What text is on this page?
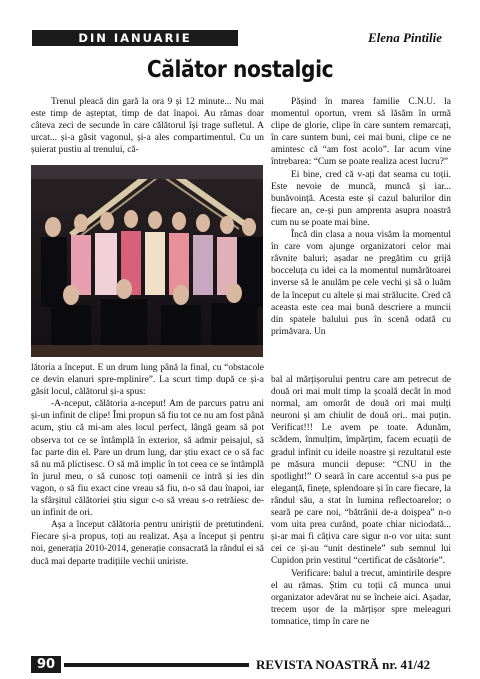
DIN IANUARIE	Elena Pintilie
Călător nostalgic

Trenul pleacă din gară la ora 9 și 12 minute... Nu mai este timp de așteptat, timp de dat înapoi. Au rămas doar câteva zeci de secunde în care călătorul își trage sufletul. A urcat... și-a găsit vagonul, și-a ales compartimentul. Cu un șuierat pustiu al trenului, că-

Pășind în marea familie C.N.U. la momentul oportun, vrem să lăsăm în urmă clipe de glorie, clipe în care suntem remarcați, în care suntem buni, cei mai buni, clipe ce ne amintesc că “am fost acolo”. Iar acum vine întrebarea: “Cum se poate realiza acest lucru?”

Ei bine, cred că v-ați dat seama cu toții. Este nevoie de muncă, muncă și iar... bunăvoință. Acesta este și cazul balurilor din fiecare an, ce-și pun amprenta asupra noastră cum nu se poate mai bine.

Încă din clasa a noua visăm la momentul în care vom ajunge organizatori celor mai râvnite baluri; așadar ne pregătim cu grijă bocceluța cu idei ca la momentul numărătoarei inverse să le anulăm pe cele vechi și să o luăm de la început cu altele și mai strălucite. Cred că aceasta este cea mai bună descriere a muncii din spatele balului pus în scenă odată cu primăvara. Un

lătoria a început. E un drum lung până la final, cu “obstacole ce devin elanuri spre-mplinire”. La scurt timp după ce și-a găsit locul, călătorul și-a spus:

-A-nceput, călătoria a-nceput! Am de parcurs patru ani și-un infinit de clipe! Îmi propun să fiu tot ce nu am fost până acum, știu că mi-am ales locul perfect, lângă geam să pot observa tot ce se întâmplă în exterior, să admir peisajul, să fac parte din el. Pare un drum lung, dar știu exact ce o să fac să nu mă plictisesc. O să mă implic în tot ceea ce se întâmplă în jurul meu, o să cunosc toți oamenii ce intră și ies din vagon, o să fiu exact cine vreau să fiu, n-o să dau înapoi, iar la sfârșitul călătoriei știu sigur c-o să vreau s-o retrăiesc de-un infinit de ori.

Așa a început călătoria pentru uniriștii de pretutindeni. Fiecare și-a propus, toți au realizat. Așa a început și pentru noi, generația 2010-2014, generație consacrată la rândul ei să ducă mai departe tradițiile vechii uniriste.

bal al mărțișorului pentru care am petrecut de două ori mai mult timp la școală decât în mod normal, am omorât de două ori mai mulți neuroni și am chiulit de două ori.. mai puțin. Verificat!!! Le avem pe toate. Adunăm, scădem, înmulțim, împărțim, facem ecuații de gradul infinit cu ideile noastre și rezultatul este pe măsura muncii depuse: “CNU in the spotlight!” O seară în care accentul s-a pus pe eleganță, finețe, splendoare și în care fiecare, la rândul său, a stat în lumina reflectoarelor; o seară pe care noi, “bătrânii de-a doișpea” n-o vom uita prea curând, poate chiar niciodată... și-ar mai fi câțiva care sigur n-o vor uita: sunt cei ce și-au “unit destinele” sub semnul lui Cupidon prin vestitul “certificat de căsătorie”.

Verificare: balul a trecut, amintirile despre el au rămas. Știm cu toții că munca unui organizator adevărat nu se încheie aici. Așadar, trecem ușor de la mărțișor spre meleaguri tomnatice, timp în care ne

90	REVISTA NOASTRĂ nr. 41/42
